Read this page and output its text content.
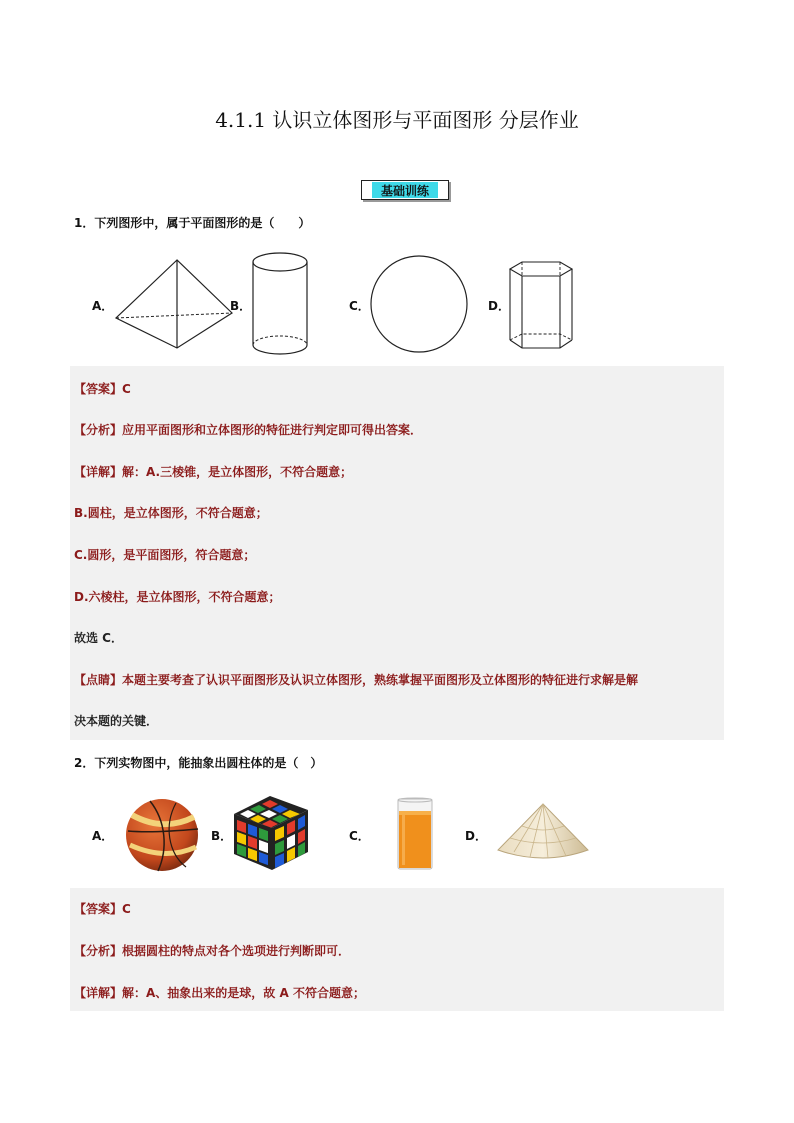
4.1.1 认识立体图形与平面图形 分层作业
基础训练
1．下列图形中，属于平面图形的是（　　）
A．	B．	C．	D．
【答案】C
【分析】应用平面图形和立体图形的特征进行判定即可得出答案．
【详解】解：A.三棱锥，是立体图形，不符合题意；
B.圆柱，是立体图形，不符合题意；
C.圆形，是平面图形，符合题意；
D.六棱柱，是立体图形，不符合题意；
故选 C．
【点睛】本题主要考查了认识平面图形及认识立体图形，熟练掌握平面图形及立体图形的特征进行求解是解
决本题的关键．
2．下列实物图中，能抽象出圆柱体的是（　）
A．	B．	C．	D．
【答案】C
【分析】根据圆柱的特点对各个选项进行判断即可．
【详解】解：A、抽象出来的是球，故 A 不符合题意；
